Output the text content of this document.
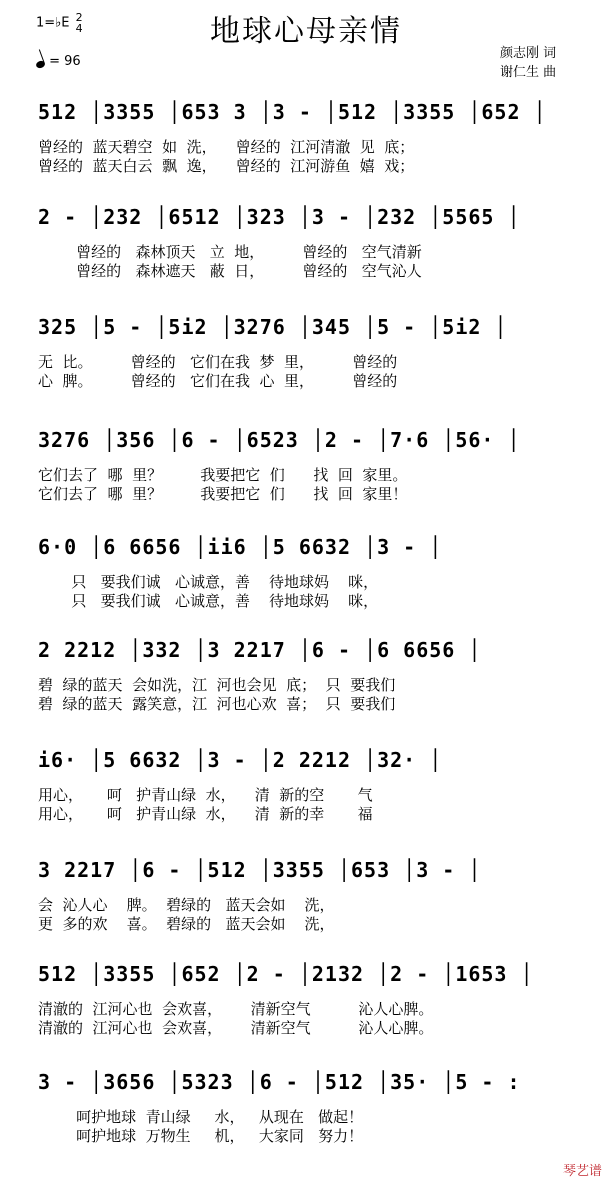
1=♭E 2
4
= 96
地球心母亲情
颜志刚 词
谢仁生 曲
512 │3355 │653 3 │3 - │512 │3355 │652 │
曾经的  蓝天碧空  如  洗，    曾经的  江河清澈  见  底；
曾经的  蓝天白云  飘  逸，    曾经的  江河游鱼  嬉  戏；
2 - │232 │6512 │323 │3 - │232 │5565 │
曾经的   森林顶天   立  地，        曾经的   空气清新
曾经的   森林遮天   蔽  日，        曾经的   空气沁人
325 │5 - │5i2 │3276 │345 │5 - │5i2 │
无  比。        曾经的   它们在我  梦  里，        曾经的
心  脾。        曾经的   它们在我  心  里，        曾经的
3276 │356 │6 - │6523 │2 - │7·6 │56· │
它们去了  哪  里？        我要把它  们      找  回  家里。
它们去了  哪  里？        我要把它  们      找  回  家里！
6·0 │6 6656 │ii6 │5 6632 │3 - │
只   要我们诚   心诚意，善    待地球妈    咪，
只   要我们诚   心诚意，善    待地球妈    咪，
2 2212 │332 │3 2217 │6 - │6 6656 │
碧  绿的蓝天  会如洗，江  河也会见  底；  只  要我们
碧  绿的蓝天  露笑意，江  河也心欢  喜；  只  要我们
i6· │5 6632 │3 - │2 2212 │32· │
用心，     呵   护青山绿  水，    清  新的空       气
用心，     呵   护青山绿  水，    清  新的幸       福
3 2217 │6 - │512 │3355 │653 │3 - │
会  沁人心    脾。  碧绿的   蓝天会如    洗，
更  多的欢    喜。  碧绿的   蓝天会如    洗，
512 │3355 │652 │2 - │2132 │2 - │1653 │
清澈的  江河心也  会欢喜，      清新空气          沁人心脾。
清澈的  江河心也  会欢喜，      清新空气          沁人心脾。
3 - │3656 │5323 │6 - │512 │35· │5 - :
呵护地球  青山绿     水，   从现在   做起！
呵护地球  万物生     机，   大家同   努力！
琴艺谱
